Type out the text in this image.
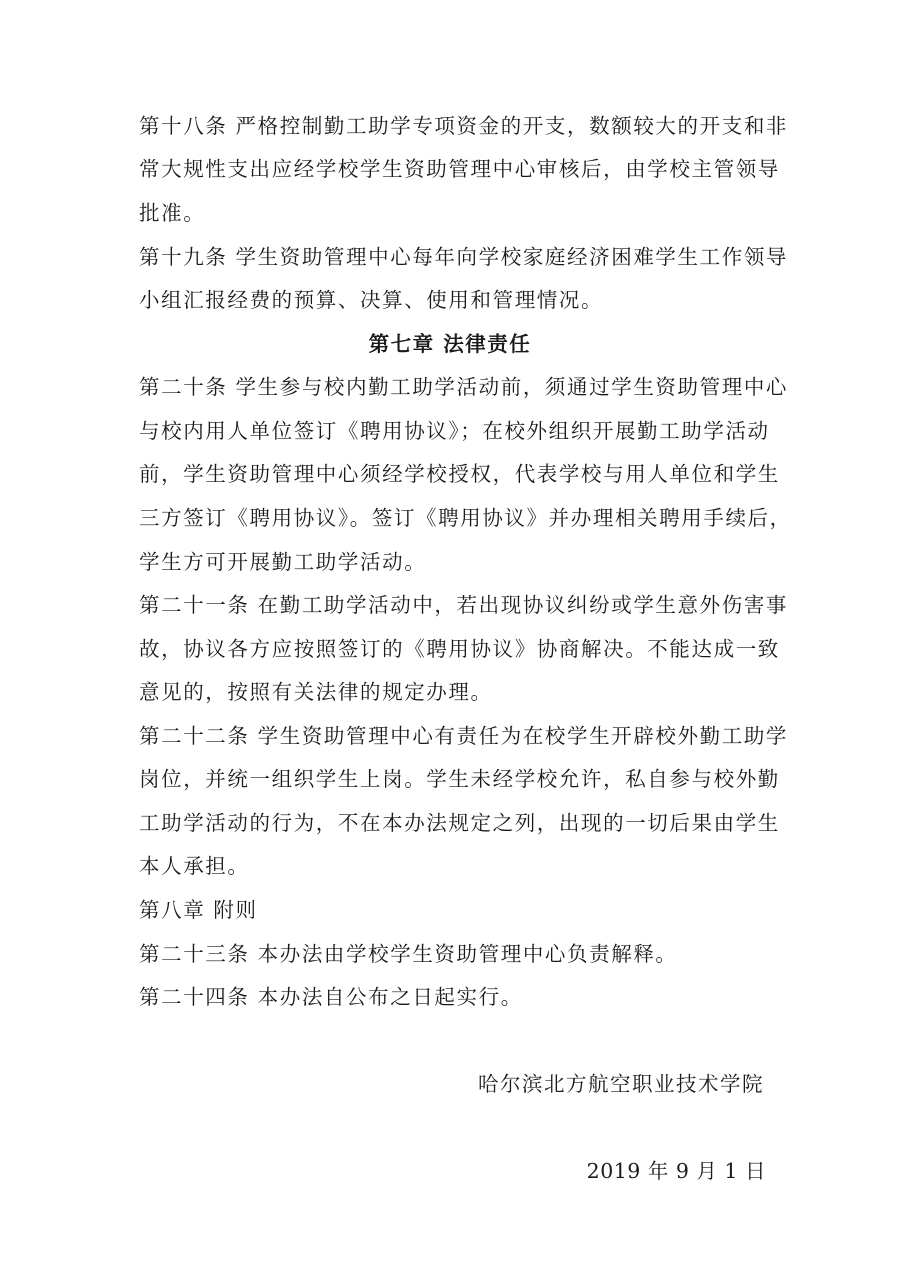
第十八条 严格控制勤工助学专项资金的开支，数额较大的开支和非
常大规性支出应经学校学生资助管理中心审核后，由学校主管领导
批准。
第十九条 学生资助管理中心每年向学校家庭经济困难学生工作领导
小组汇报经费的预算、决算、使用和管理情况。
第七章 法律责任
第二十条 学生参与校内勤工助学活动前，须通过学生资助管理中心
与校内用人单位签订《聘用协议》；在校外组织开展勤工助学活动
前，学生资助管理中心须经学校授权，代表学校与用人单位和学生
三方签订《聘用协议》。签订《聘用协议》并办理相关聘用手续后，
学生方可开展勤工助学活动。
第二十一条 在勤工助学活动中，若出现协议纠纷或学生意外伤害事
故，协议各方应按照签订的《聘用协议》协商解决。不能达成一致
意见的，按照有关法律的规定办理。
第二十二条 学生资助管理中心有责任为在校学生开辟校外勤工助学
岗位，并统一组织学生上岗。学生未经学校允许，私自参与校外勤
工助学活动的行为，不在本办法规定之列，出现的一切后果由学生
本人承担。
第八章 附则
第二十三条 本办法由学校学生资助管理中心负责解释。
第二十四条 本办法自公布之日起实行。
哈尔滨北方航空职业技术学院
2019 年 9 月 1 日
